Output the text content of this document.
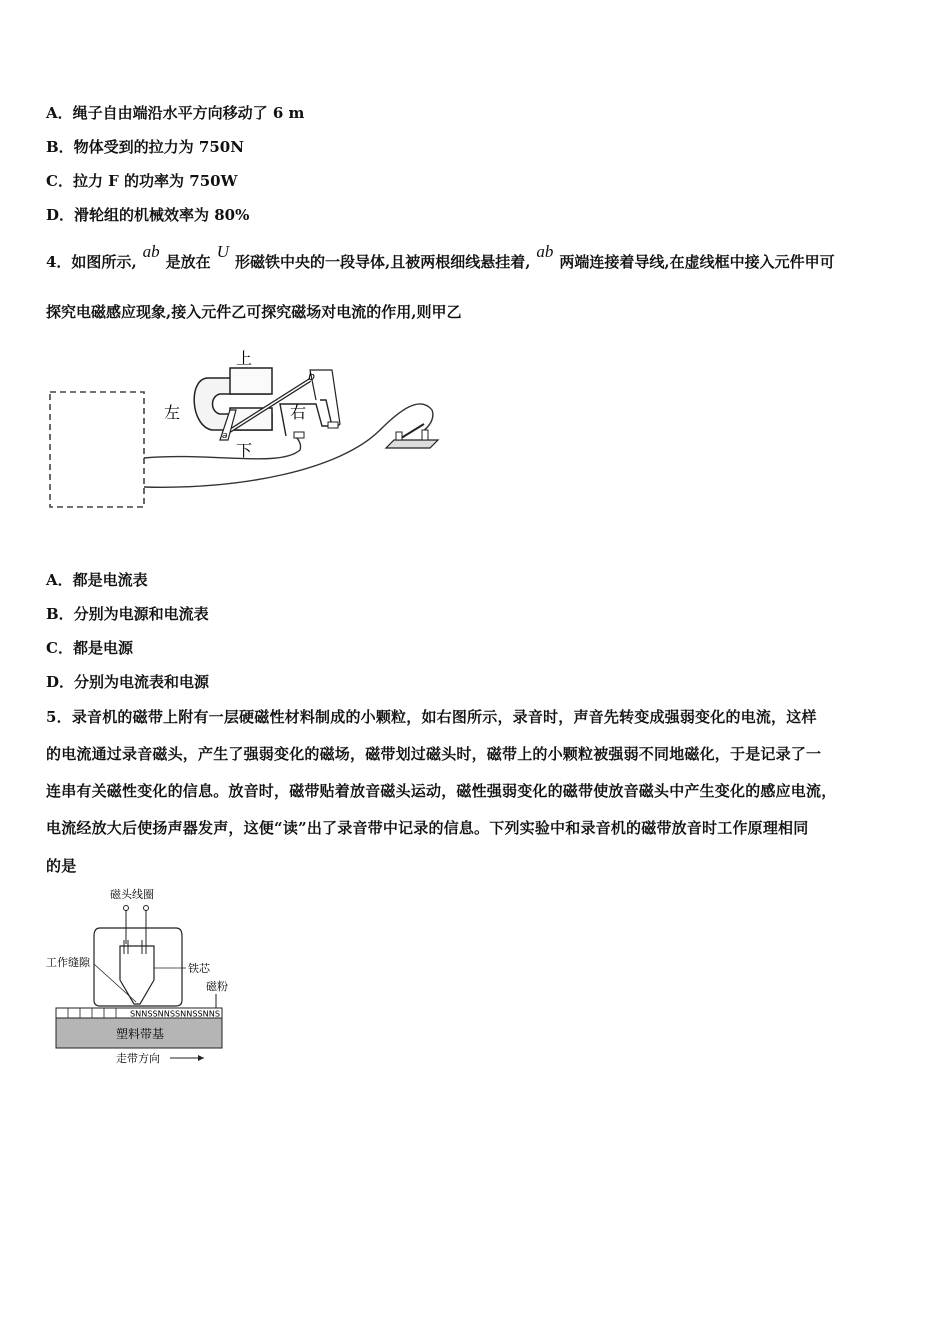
A．绳子自由端沿水平方向移动了 6 m
B．物体受到的拉力为 750N
C．拉力 F 的功率为 750W
D．滑轮组的机械效率为 80%
4．如图所示,ab是放在U形磁铁中央的一段导体,且被两根细线悬挂着,ab两端连接着导线,在虚线框中接入元件甲可
探究电磁感应现象,接入元件乙可探究磁场对电流的作用,则甲乙
上
左	右
下
b
a
A．都是电流表
B．分别为电源和电流表
C．都是电源
D．分别为电流表和电源
5．录音机的磁带上附有一层硬磁性材料制成的小颗粒，如右图所示，录音时，声音先转变成强弱变化的电流，这样
的电流通过录音磁头，产生了强弱变化的磁场，磁带划过磁头时，磁带上的小颗粒被强弱不同地磁化，于是记录了一
连串有关磁性变化的信息。放音时，磁带贴着放音磁头运动，磁性强弱变化的磁带使放音磁头中产生变化的感应电流，
电流经放大后使扬声器发声，这便“读”出了录音带中记录的信息。下列实验中和录音机的磁带放音时工作原理相同
的是
磁头线圈
工作缝隙	铁芯
磁粉
SNNSSNNSSNNSSNNS
塑料带基
走带方向
